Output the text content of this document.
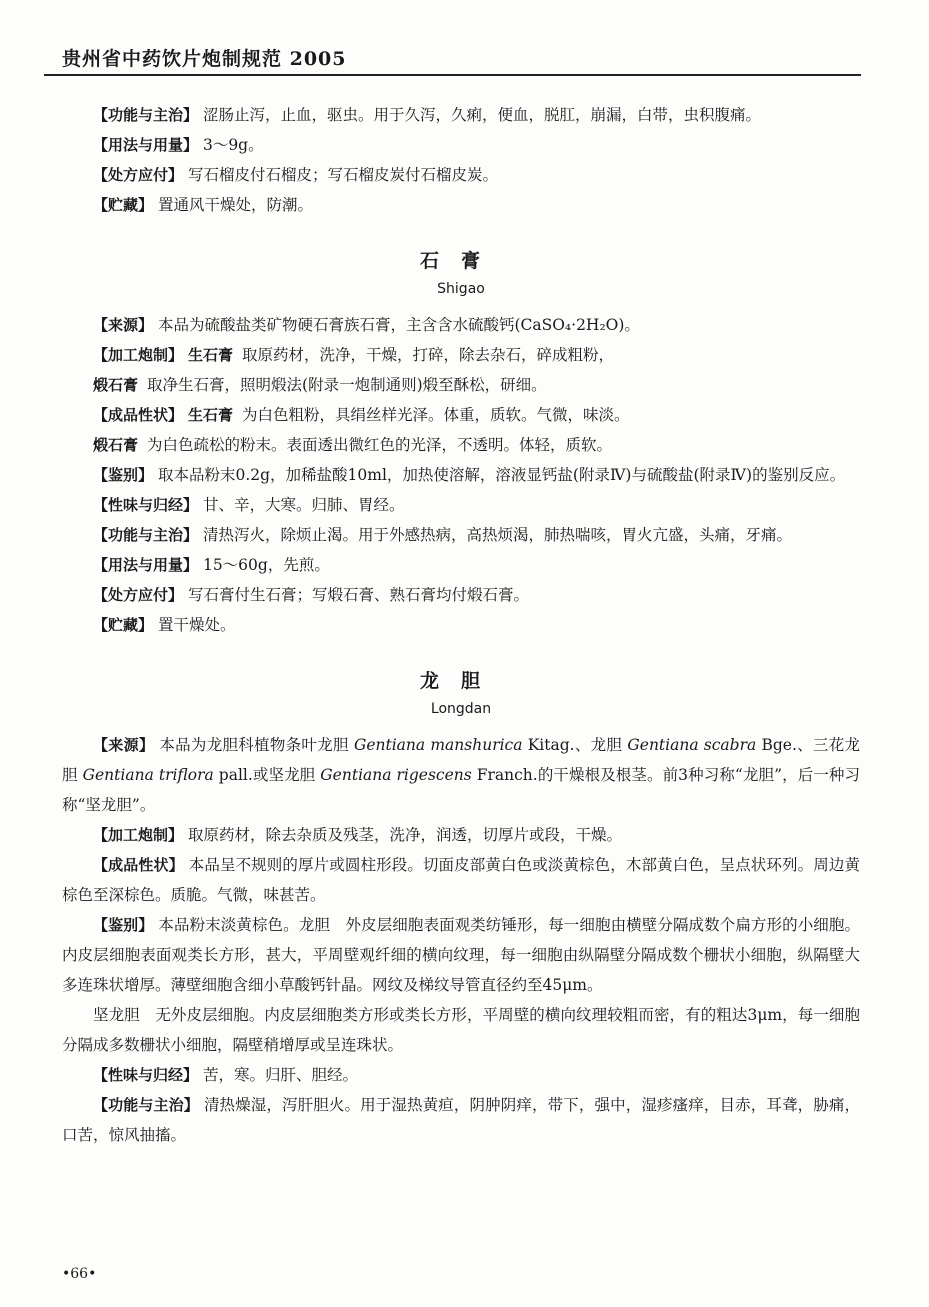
贵州省中药饮片炮制规范 2005

【功能与主治】 涩肠止泻，止血，驱虫。用于久泻，久痢，便血，脱肛，崩漏，白带，虫积腹痛。

【用法与用量】 3～9g。

【处方应付】 写石榴皮付石榴皮；写石榴皮炭付石榴皮炭。

【贮藏】 置通风干燥处，防潮。

石膏
Shigao

【来源】 本品为硫酸盐类矿物硬石膏族石膏，主含含水硫酸钙(CaSO₄·2H₂O)。

【加工炮制】 生石膏 取原药材，洗净，干燥，打碎，除去杂石，碎成粗粉，

煅石膏 取净生石膏，照明煅法(附录一炮制通则)煅至酥松，研细。

【成品性状】 生石膏 为白色粗粉，具绢丝样光泽。体重，质软。气微，味淡。

煅石膏 为白色疏松的粉末。表面透出微红色的光泽，不透明。体轻，质软。

【鉴别】 取本品粉末0.2g，加稀盐酸10ml，加热使溶解，溶液显钙盐(附录Ⅳ)与硫酸盐(附录Ⅳ)的鉴别反应。

【性味与归经】 甘、辛，大寒。归肺、胃经。

【功能与主治】 清热泻火，除烦止渴。用于外感热病，高热烦渴，肺热喘咳，胃火亢盛，头痛，牙痛。

【用法与用量】 15～60g，先煎。

【处方应付】 写石膏付生石膏；写煅石膏、熟石膏均付煅石膏。

【贮藏】 置干燥处。

龙胆
Longdan

【来源】 本品为龙胆科植物条叶龙胆 Gentiana manshurica Kitag.、龙胆 Gentiana scabra Bge.、三花龙胆 Gentiana triflora pall.或坚龙胆 Gentiana rigescens Franch.的干燥根及根茎。前3种习称“龙胆”，后一种习称“坚龙胆”。

【加工炮制】 取原药材，除去杂质及残茎，洗净，润透，切厚片或段，干燥。

【成品性状】 本品呈不规则的厚片或圆柱形段。切面皮部黄白色或淡黄棕色，木部黄白色，呈点状环列。周边黄棕色至深棕色。质脆。气微，味甚苦。

【鉴别】 本品粉末淡黄棕色。龙胆　外皮层细胞表面观类纺锤形，每一细胞由横壁分隔成数个扁方形的小细胞。内皮层细胞表面观类长方形，甚大，平周壁观纤细的横向纹理，每一细胞由纵隔壁分隔成数个栅状小细胞，纵隔壁大多连珠状增厚。薄壁细胞含细小草酸钙针晶。网纹及梯纹导管直径约至45μm。

坚龙胆　无外皮层细胞。内皮层细胞类方形或类长方形，平周壁的横向纹理较粗而密，有的粗达3μm，每一细胞分隔成多数栅状小细胞，隔壁稍增厚或呈连珠状。

【性味与归经】 苦，寒。归肝、胆经。

【功能与主治】 清热燥湿，泻肝胆火。用于湿热黄疸，阴肿阴痒，带下，强中，湿疹瘙痒，目赤，耳聋，胁痛，口苦，惊风抽搐。

•66•
